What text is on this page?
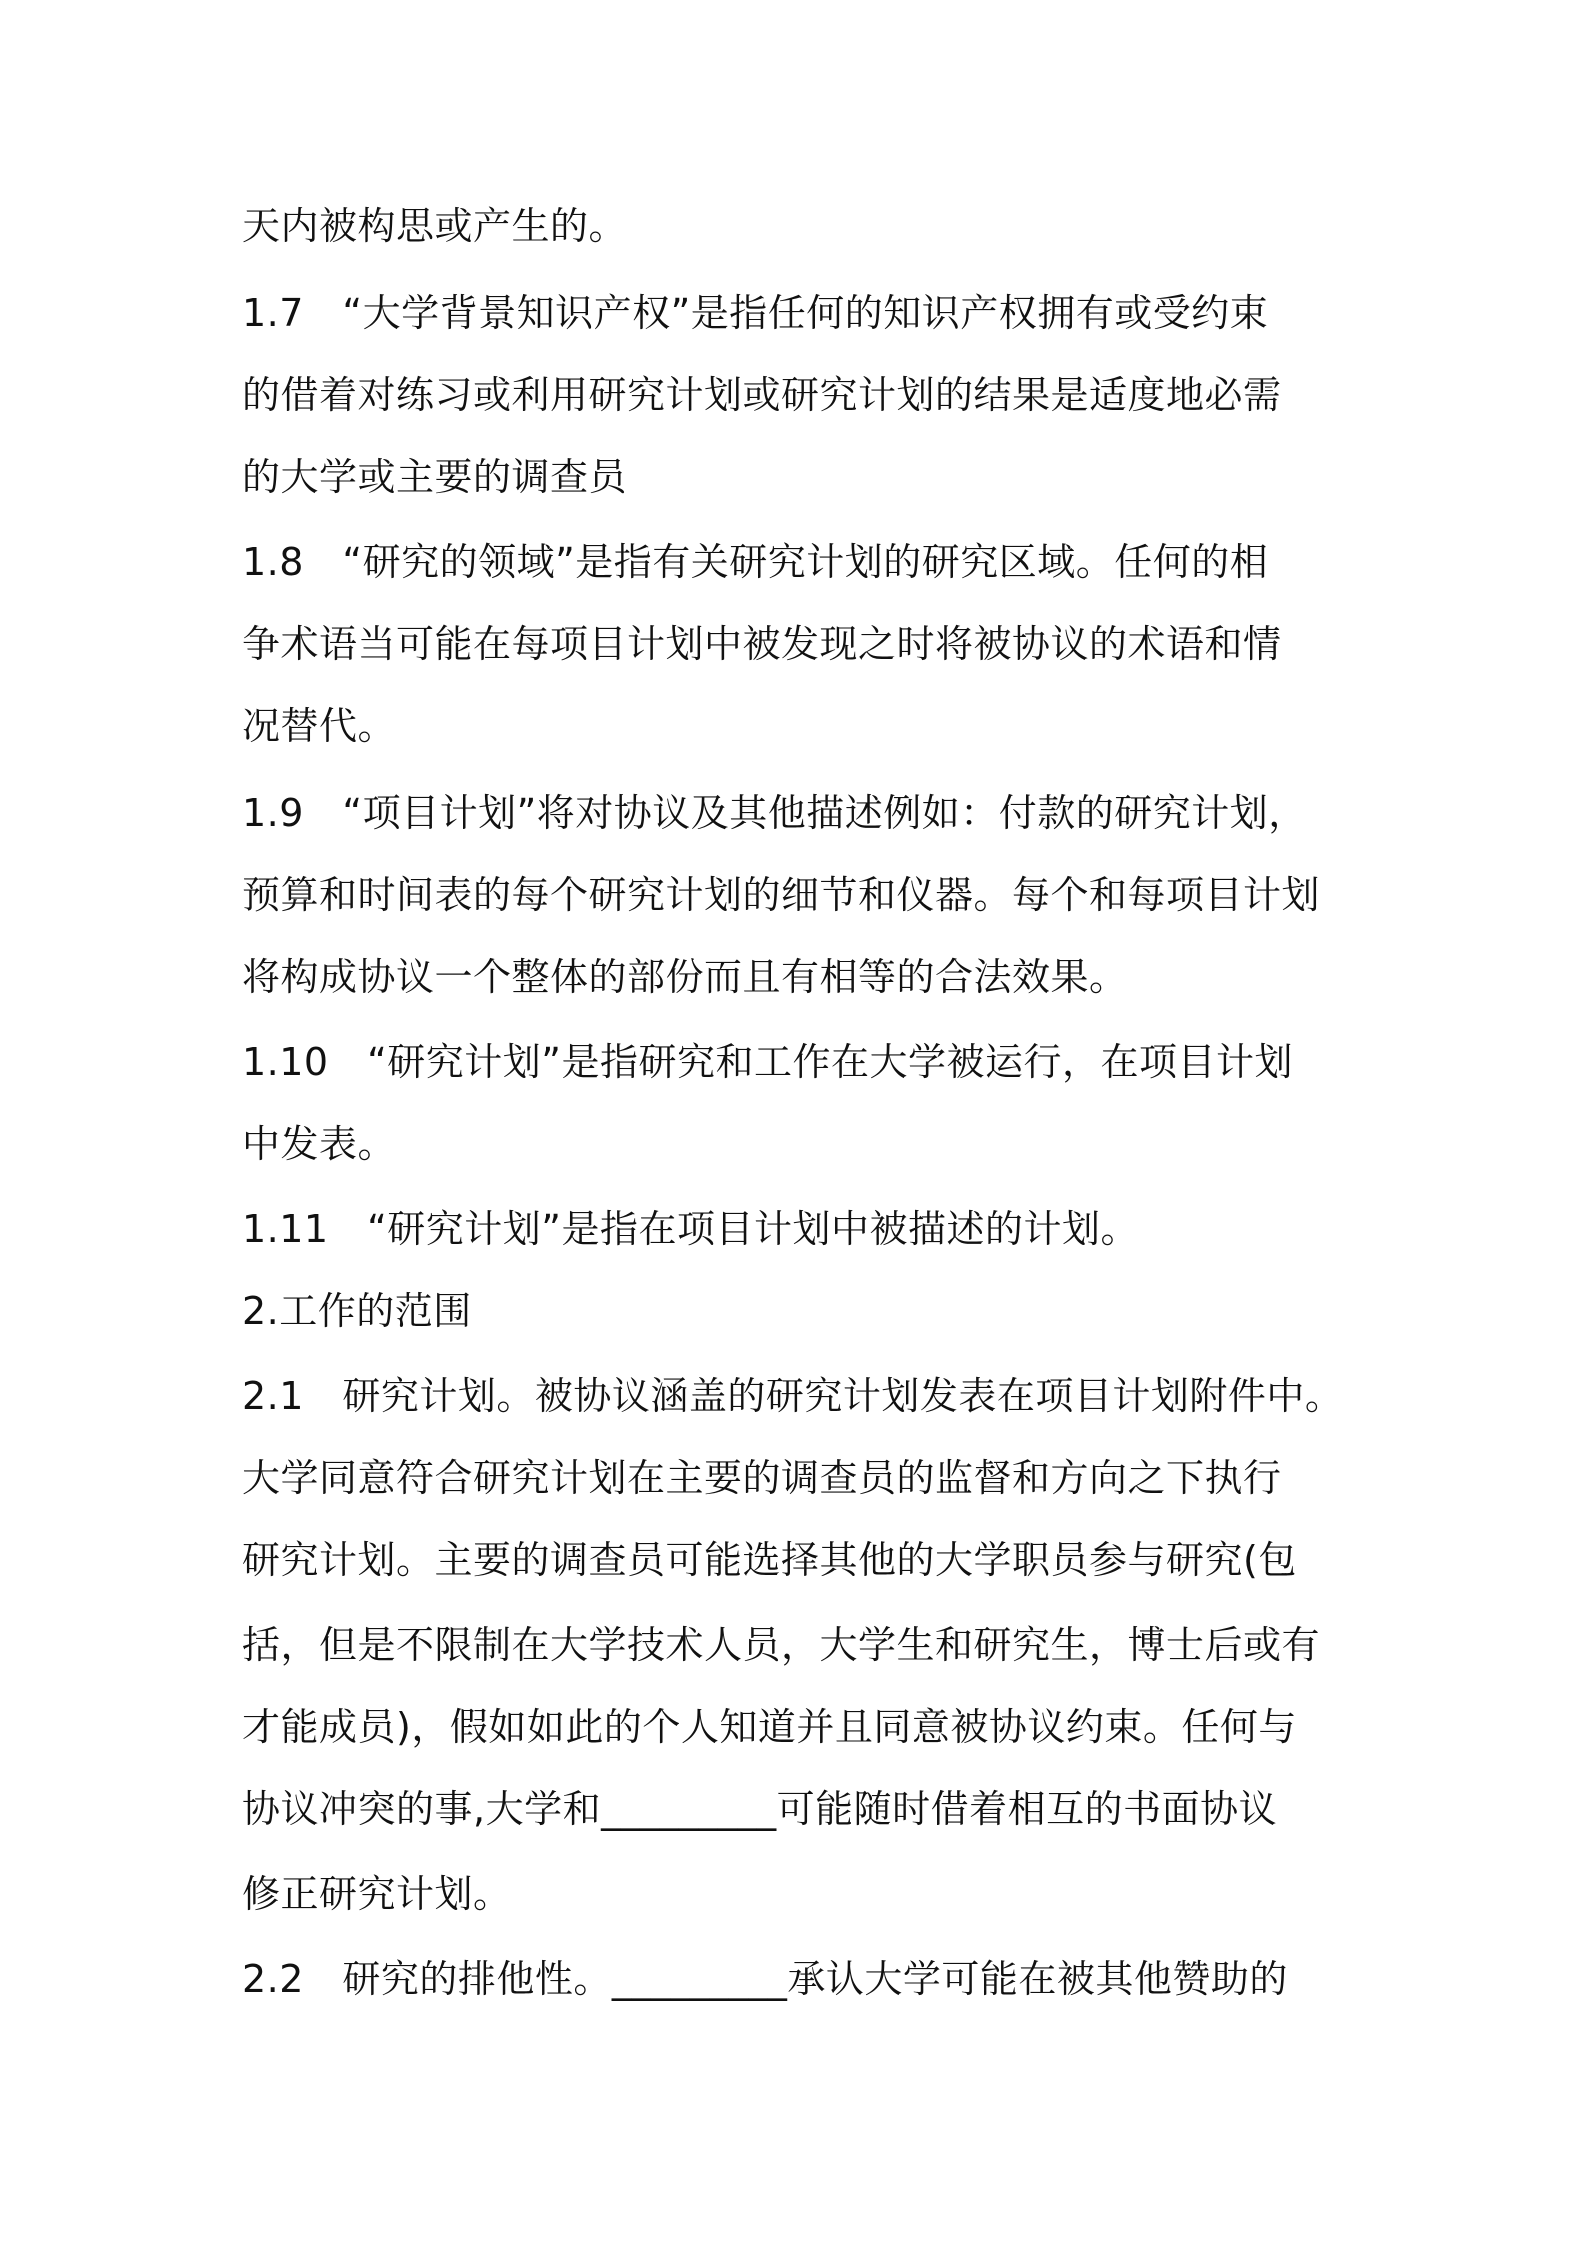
天内被构思或产生的。
1.7　“大学背景知识产权”是指任何的知识产权拥有或受约束
的借着对练习或利用研究计划或研究计划的结果是适度地必需
的大学或主要的调查员
1.8　“研究的领域”是指有关研究计划的研究区域。任何的相
争术语当可能在每项目计划中被发现之时将被协议的术语和情
况替代。
1.9　“项目计划”将对协议及其他描述例如：付款的研究计划，
预算和时间表的每个研究计划的细节和仪器。每个和每项目计划
将构成协议一个整体的部份而且有相等的合法效果。
1.10　“研究计划”是指研究和工作在大学被运行，在项目计划
中发表。
1.11　“研究计划”是指在项目计划中被描述的计划。
2.工作的范围
2.1　研究计划。被协议涵盖的研究计划发表在项目计划附件中。
大学同意符合研究计划在主要的调查员的监督和方向之下执行
研究计划。主要的调查员可能选择其他的大学职员参与研究(包
括，但是不限制在大学技术人员，大学生和研究生，博士后或有
才能成员)，假如如此的个人知道并且同意被协议约束。任何与
协议冲突的事,大学和_________可能随时借着相互的书面协议
修正研究计划。
2.2　研究的排他性。_________承认大学可能在被其他赞助的
